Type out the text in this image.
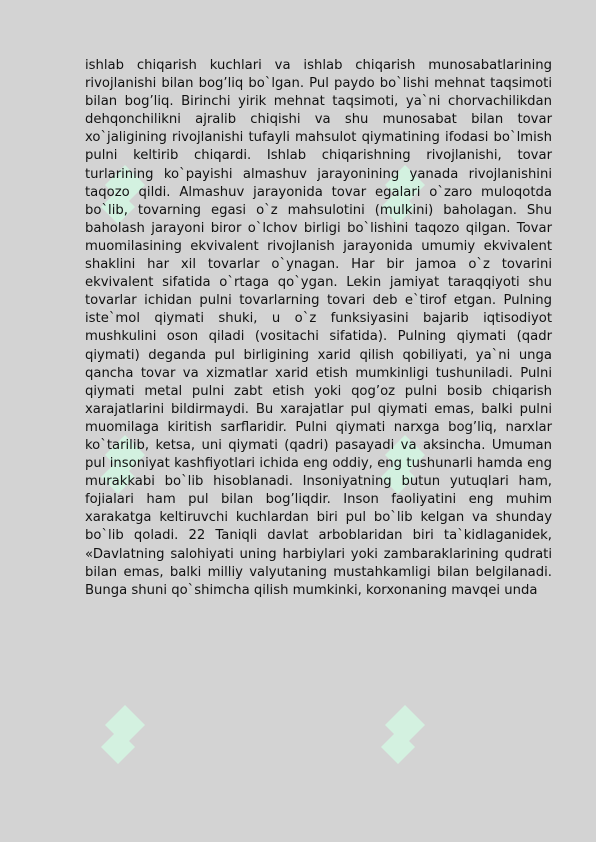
ishlab chiqarish kuchlari va ishlab chiqarish munosabatlarining rivojlanishi bilan bog’liq bo`lgan. Pul paydo bo`lishi mehnat taqsimoti bilan bog’liq. Birinchi yirik mehnat taqsimoti, ya`ni chorvachilikdan dehqonchilikni ajralib chiqishi va shu munosabat bilan tovar xo`jaligining rivojlanishi tufayli mahsulot qiymatining ifodasi bo`lmish pulni keltirib chiqardi. Ishlab chiqarishning rivojlanishi, tovar turlarining ko`payishi almashuv jarayonining yanada rivojlanishini taqozo qildi. Almashuv jarayonida tovar egalari o`zaro muloqotda bo`lib, tovarning egasi o`z mahsulotini (mulkini) baholagan. Shu baholash jarayoni biror o`lchov birligi bo`lishini taqozo qilgan. Tovar muomilasining ekvivalent rivojlanish jarayonida umumiy ekvivalent shaklini har xil tovarlar o`ynagan. Har bir jamoa o`z tovarini ekvivalent sifatida o`rtaga qo`ygan. Lekin jamiyat taraqqiyoti shu tovarlar ichidan pulni tovarlarning tovari deb e`tirof etgan. Pulning iste`mol qiymati shuki, u o`z funksiyasini bajarib iqtisodiyot mushkulini oson qiladi (vositachi sifatida). Pulning qiymati (qadr qiymati) deganda pul birligining xarid qilish qobiliyati, ya`ni unga qancha tovar va xizmatlar xarid etish mumkinligi tushuniladi. Pulni qiymati metal pulni zabt etish yoki qog’oz pulni bosib chiqarish xarajatlarini bildirmaydi. Bu xarajatlar pul qiymati emas, balki pulni muomilaga kiritish sarflaridir. Pulni qiymati narxga bog’liq, narxlar ko`tarilib, ketsa, uni qiymati (qadri) pasayadi va aksincha. Umuman pul insoniyat kashfiyotlari ichida eng oddiy, eng tushunarli hamda eng murakkabi bo`lib hisoblanadi. Insoniyatning butun yutuqlari ham, fojialari ham pul bilan bog’liqdir. Inson faoliyatini eng muhim xarakatga keltiruvchi kuchlardan biri pul bo`lib kelgan va shunday bo`lib qoladi. 22 Taniqli davlat arboblaridan biri ta`kidlaganidek, «Davlatning salohiyati uning harbiylari yoki zambaraklarining qudrati bilan emas, balki milliy valyutaning mustahkamligi bilan belgilanadi. Bunga shuni qo`shimcha qilish mumkinki, korxonaning mavqei unda
